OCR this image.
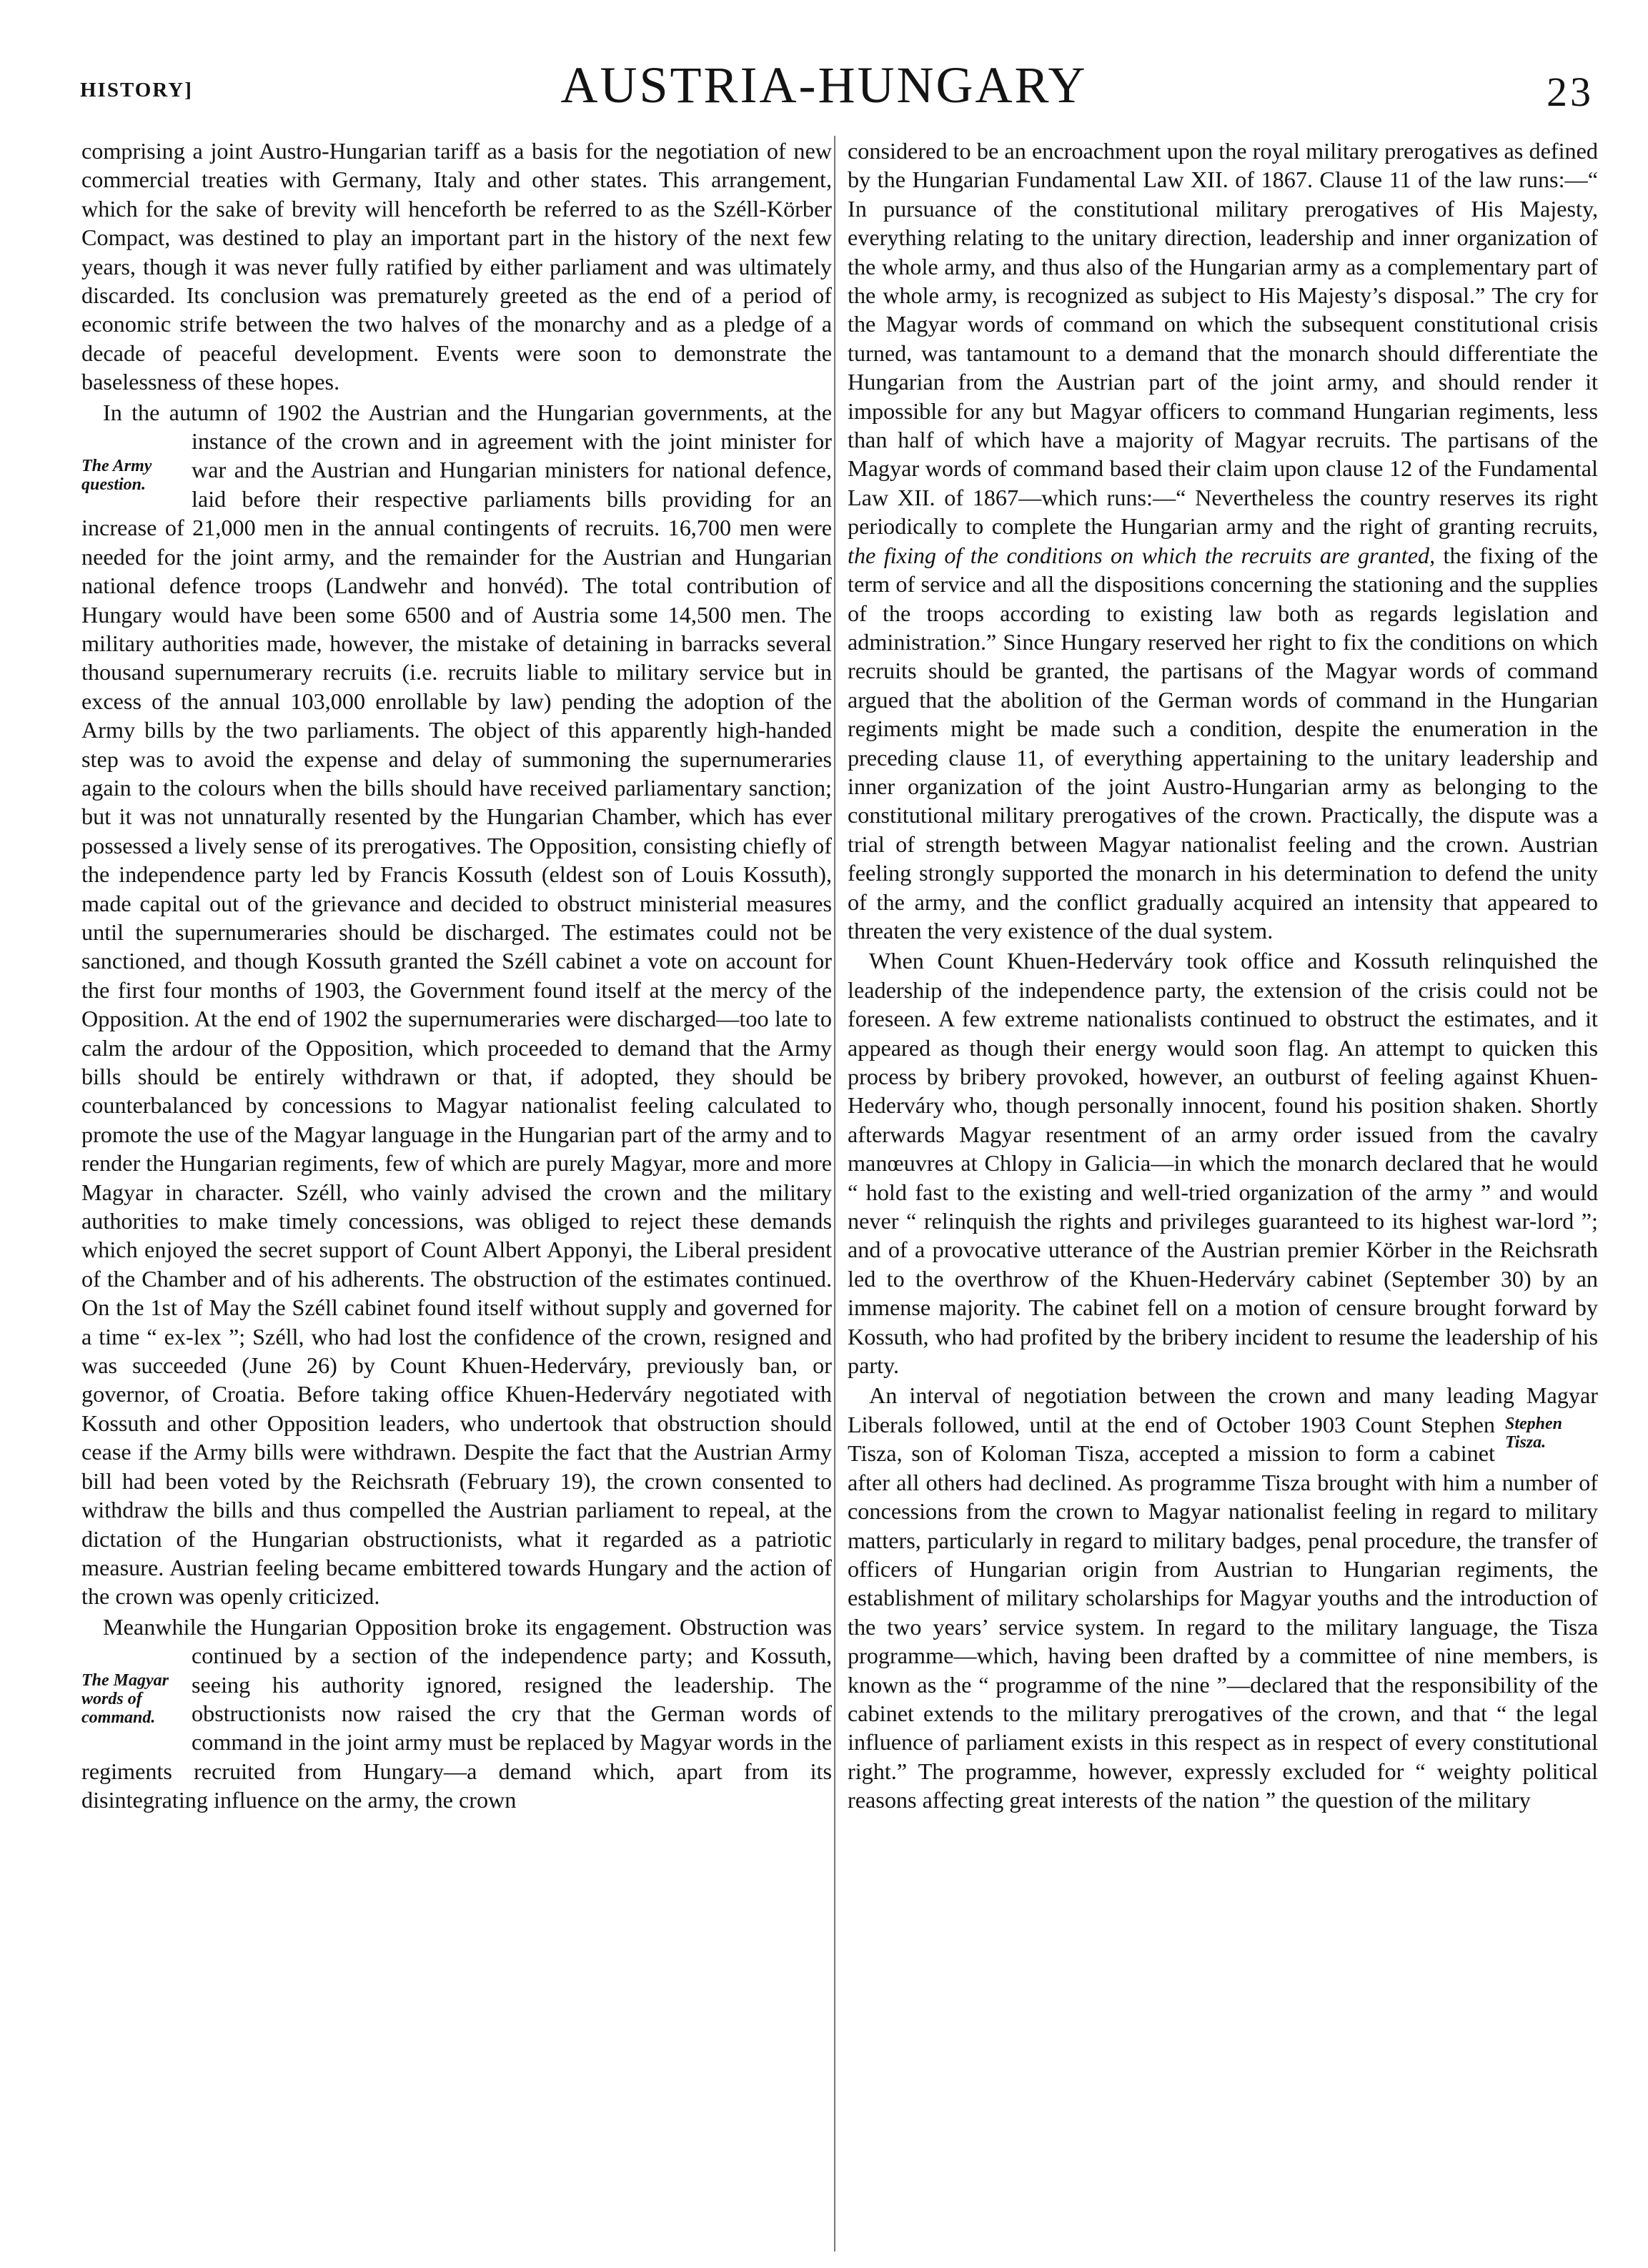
HISTORY]	AUSTRIA-HUNGARY	23

comprising a joint Austro-Hungarian tariff as a basis for the negotiation of new commercial treaties with Germany, Italy and other states. This arrangement, which for the sake of brevity will henceforth be referred to as the Széll-Körber Compact, was destined to play an important part in the history of the next few years, though it was never fully ratified by either parliament and was ultimately discarded. Its conclusion was prematurely greeted as the end of a period of economic strife between the two halves of the monarchy and as a pledge of a decade of peaceful development. Events were soon to demonstrate the baselessness of these hopes.

In the autumn of 1902 the Austrian and the Hungarian governments, at the instance of the crown and in agreement
The Army question.
with the joint minister for war and the Austrian and Hungarian ministers for national defence, laid before their respective parliaments bills providing for an increase of 21,000 men in the annual contingents of recruits. 16,700 men were needed for the joint army, and the remainder for the Austrian and Hungarian national defence troops (Landwehr and honvéd). The total contribution of Hungary would have been some 6500 and of Austria some 14,500 men. The military authorities made, however, the mistake of detaining in barracks several thousand supernumerary recruits (i.e. recruits liable to military service but in excess of the annual 103,000 enrollable by law) pending the adoption of the Army bills by the two parliaments. The object of this apparently high-handed step was to avoid the expense and delay of summoning the supernumeraries again to the colours when the bills should have received parliamentary sanction; but it was not unnaturally resented by the Hungarian Chamber, which has ever possessed a lively sense of its prerogatives. The Opposition, consisting chiefly of the independence party led by Francis Kossuth (eldest son of Louis Kossuth), made capital out of the grievance and decided to obstruct ministerial measures until the supernumeraries should be discharged. The estimates could not be sanctioned, and though Kossuth granted the Széll cabinet a vote on account for the first four months of 1903, the Government found itself at the mercy of the Opposition. At the end of 1902 the supernumeraries were discharged—too late to calm the ardour of the Opposition, which proceeded to demand that the Army bills should be entirely withdrawn or that, if adopted, they should be counterbalanced by concessions to Magyar nationalist feeling calculated to promote the use of the Magyar language in the Hungarian part of the army and to render the Hungarian regiments, few of which are purely Magyar, more and more Magyar in character. Széll, who vainly advised the crown and the military authorities to make timely concessions, was obliged to reject these demands which enjoyed the secret support of Count Albert Apponyi, the Liberal president of the Chamber and of his adherents. The obstruction of the estimates continued. On the 1st of May the Széll cabinet found itself without supply and governed for a time “ ex-lex ”; Széll, who had lost the confidence of the crown, resigned and was succeeded (June 26) by Count Khuen-Hederváry, previously ban, or governor, of Croatia. Before taking office Khuen-Hederváry negotiated with Kossuth and other Opposition leaders, who undertook that obstruction should cease if the Army bills were withdrawn. Despite the fact that the Austrian Army bill had been voted by the Reichsrath (February 19), the crown consented to withdraw the bills and thus compelled the Austrian parliament to repeal, at the dictation of the Hungarian obstructionists, what it regarded as a patriotic measure. Austrian feeling became embittered towards Hungary and the action of the crown was openly criticized.

Meanwhile the Hungarian Opposition broke its engagement. Obstruction was continued by a section of the independence
The Magyar words of command.
party; and Kossuth, seeing his authority ignored, resigned the leadership. The obstructionists now raised the cry that the German words of command in the joint army must be replaced by Magyar words in the regiments recruited from Hungary—a demand which, apart from its disintegrating influence on the army, the crown

considered to be an encroachment upon the royal military prerogatives as defined by the Hungarian Fundamental Law XII. of 1867. Clause 11 of the law runs:—“ In pursuance of the constitutional military prerogatives of His Majesty, everything relating to the unitary direction, leadership and inner organization of the whole army, and thus also of the Hungarian army as a complementary part of the whole army, is recognized as subject to His Majesty’s disposal.” The cry for the Magyar words of command on which the subsequent constitutional crisis turned, was tantamount to a demand that the monarch should differentiate the Hungarian from the Austrian part of the joint army, and should render it impossible for any but Magyar officers to command Hungarian regiments, less than half of which have a majority of Magyar recruits. The partisans of the Magyar words of command based their claim upon clause 12 of the Fundamental Law XII. of 1867—which runs:—“ Nevertheless the country reserves its right periodically to complete the Hungarian army and the right of granting recruits, the fixing of the conditions on which the recruits are granted, the fixing of the term of service and all the dispositions concerning the stationing and the supplies of the troops according to existing law both as regards legislation and administration.” Since Hungary reserved her right to fix the conditions on which recruits should be granted, the partisans of the Magyar words of command argued that the abolition of the German words of command in the Hungarian regiments might be made such a condition, despite the enumeration in the preceding clause 11, of everything appertaining to the unitary leadership and inner organization of the joint Austro-Hungarian army as belonging to the constitutional military prerogatives of the crown. Practically, the dispute was a trial of strength between Magyar nationalist feeling and the crown. Austrian feeling strongly supported the monarch in his determination to defend the unity of the army, and the conflict gradually acquired an intensity that appeared to threaten the very existence of the dual system.

When Count Khuen-Hederváry took office and Kossuth relinquished the leadership of the independence party, the extension of the crisis could not be foreseen. A few extreme nationalists continued to obstruct the estimates, and it appeared as though their energy would soon flag. An attempt to quicken this process by bribery provoked, however, an outburst of feeling against Khuen-Hederváry who, though personally innocent, found his position shaken. Shortly afterwards Magyar resentment of an army order issued from the cavalry manœuvres at Chlopy in Galicia—in which the monarch declared that he would “ hold fast to the existing and well-tried organization of the army ” and would never “ relinquish the rights and privileges guaranteed to its highest war-lord ”; and of a provocative utterance of the Austrian premier Körber in the Reichsrath led to the overthrow of the Khuen-Hederváry cabinet (September 30) by an immense majority. The cabinet fell on a motion of censure brought forward by Kossuth, who had profited by the bribery incident to resume the leadership of his party.

An interval of negotiation between the crown and many leading Magyar Liberals followed, until at the end of October 1903	Stephen Tisza.
Count Stephen Tisza, son of Koloman Tisza, accepted a mission to form a cabinet after all others had declined. As programme Tisza brought with him a number of concessions from the crown to Magyar nationalist feeling in regard to military matters, particularly in regard to military badges, penal procedure, the transfer of officers of Hungarian origin from Austrian to Hungarian regiments, the establishment of military scholarships for Magyar youths and the introduction of the two years’ service system. In regard to the military language, the Tisza programme—which, having been drafted by a committee of nine members, is known as the “ programme of the nine ”—declared that the responsibility of the cabinet extends to the military prerogatives of the crown, and that “ the legal influence of parliament exists in this respect as in respect of every constitutional right.” The programme, however, expressly excluded for “ weighty political reasons affecting great interests of the nation ” the question of the military
